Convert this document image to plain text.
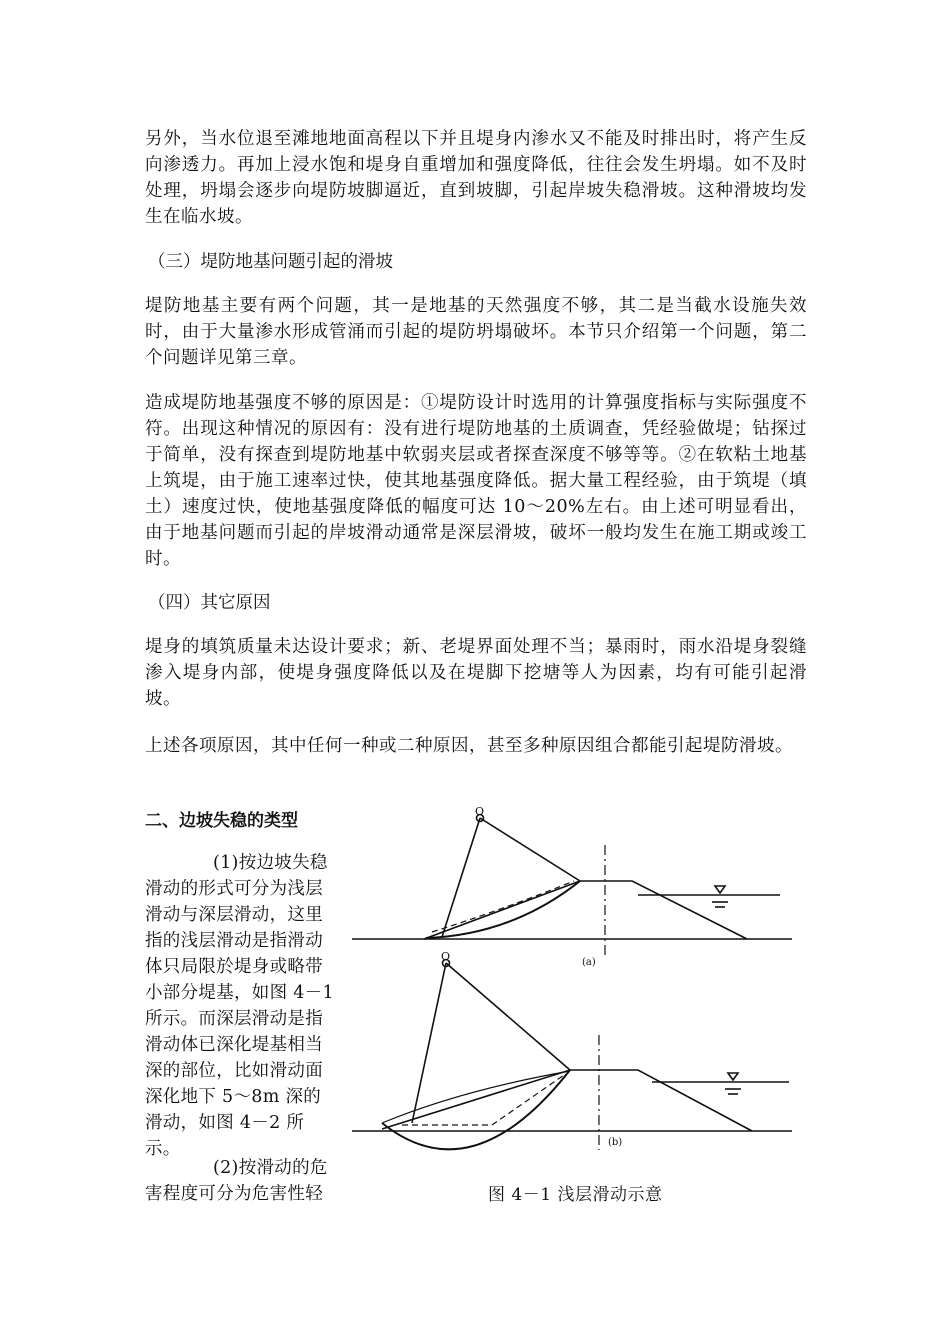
另外，当水位退至滩地地面高程以下并且堤身内渗水又不能及时排出时，将产生反向渗透力。再加上浸水饱和堤身自重增加和强度降低，往往会发生坍塌。如不及时处理，坍塌会逐步向堤防坡脚逼近，直到坡脚，引起岸坡失稳滑坡。这种滑坡均发生在临水坡。

（三）堤防地基问题引起的滑坡

堤防地基主要有两个问题，其一是地基的天然强度不够，其二是当截水设施失效时，由于大量渗水形成管涌而引起的堤防坍塌破坏。本节只介绍第一个问题，第二个问题详见第三章。

造成堤防地基强度不够的原因是：①堤防设计时选用的计算强度指标与实际强度不符。出现这种情况的原因有：没有进行堤防地基的土质调查，凭经验做堤；钻探过于简单，没有探查到堤防地基中软弱夹层或者探查深度不够等等。②在软粘土地基上筑堤，由于施工速率过快，使其地基强度降低。据大量工程经验，由于筑堤（填土）速度过快，使地基强度降低的幅度可达 10～20%左右。由上述可明显看出，由于地基问题而引起的岸坡滑动通常是深层滑坡，破坏一般均发生在施工期或竣工时。

（四）其它原因

堤身的填筑质量未达设计要求；新、老堤界面处理不当；暴雨时，雨水沿堤身裂缝渗入堤身内部，使堤身强度降低以及在堤脚下挖塘等人为因素，均有可能引起滑坡。

上述各项原因，其中任何一种或二种原因，甚至多种原因组合都能引起堤防滑坡。

二、边坡失稳的类型

(1)按边坡失稳滑动的形式可分为浅层滑动与深层滑动，这里指的浅层滑动是指滑动体只局限於堤身或略带小部分堤基，如图 4－1 所示。而深层滑动是指滑动体已深化堤基相当深的部位，比如滑动面深化地下 5～8m 深的滑动，如图 4－2 所示。

(2)按滑动的危害程度可分为危害性轻

O
(a)
O
(b)

图 4－1 浅层滑动示意
